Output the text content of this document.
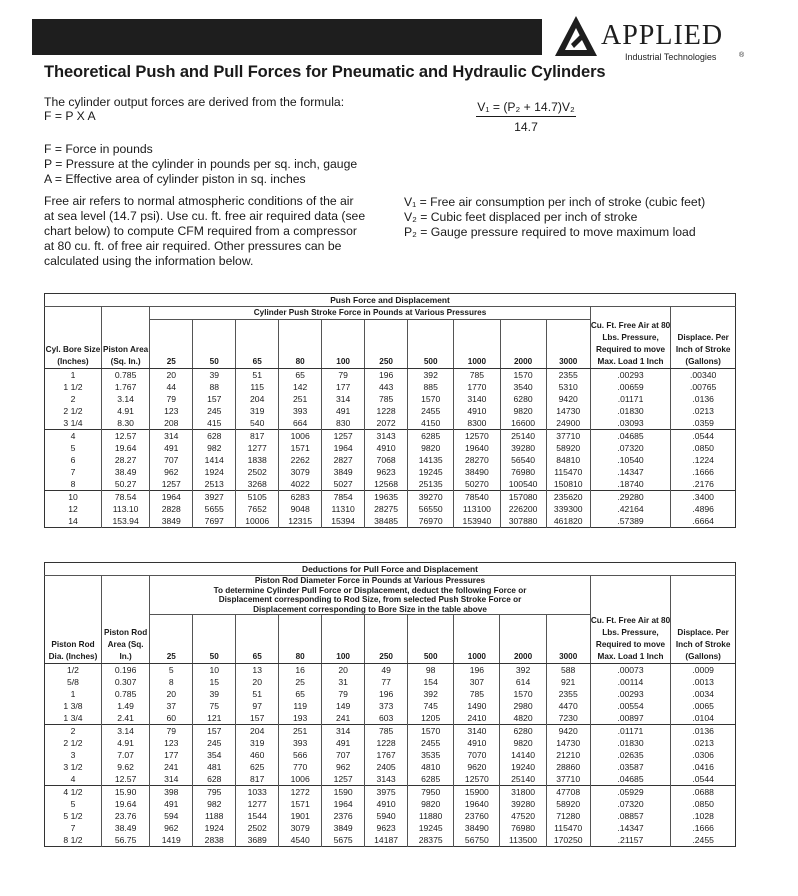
APPLIED
Industrial Technologies	®
Theoretical Push and Pull Forces for Pneumatic and Hydraulic Cylinders
The cylinder output forces are derived from the formula:
F = P X A
V₁ = (P₂ + 14.7)V₂
14.7
F = Force in pounds
P = Pressure at the cylinder in pounds per sq. inch, gauge
A = Effective area of cylinder piston in sq. inches
Free air refers to normal atmospheric conditions of the air
at sea level (14.7 psi). Use cu. ft. free air required data (see
chart below) to compute CFM required from a compressor
at 80 cu. ft. of free air required. Other pressures can be
calculated using the information below.
V₁ = Free air consumption per inch of stroke (cubic feet)
V₂ = Cubic feet displaced per inch of stroke
P₂ = Gauge pressure required to move maximum load
Push Force and Displacement													
		Cylinder Push Stroke Force in Pounds at Various Pressures											
Cyl. Bore Size (Inches)	Piston Area (Sq. In.)	25	50	65	80	100	250	500	1000	2000	3000	Cu. Ft. Free Air at 80 Lbs. Pressure, Required to move Max. Load 1 Inch	Displace. Per Inch of Stroke (Gallons)
1	0.785	20	39	51	65	79	196	392	785	1570	2355	.00293	.00340
1 1/2	1.767	44	88	115	142	177	443	885	1770	3540	5310	.00659	.00765
2	3.14	79	157	204	251	314	785	1570	3140	6280	9420	.01171	.0136
2 1/2	4.91	123	245	319	393	491	1228	2455	4910	9820	14730	.01830	.0213
3 1/4	8.30	208	415	540	664	830	2072	4150	8300	16600	24900	.03093	.0359
4	12.57	314	628	817	1006	1257	3143	6285	12570	25140	37710	.04685	.0544
5	19.64	491	982	1277	1571	1964	4910	9820	19640	39280	58920	.07320	.0850
6	28.27	707	1414	1838	2262	2827	7068	14135	28270	56540	84810	.10540	.1224
7	38.49	962	1924	2502	3079	3849	9623	19245	38490	76980	115470	.14347	.1666
8	50.27	1257	2513	3268	4022	5027	12568	25135	50270	100540	150810	.18740	.2176
10	78.54	1964	3927	5105	6283	7854	19635	39270	78540	157080	235620	.29280	.3400
12	113.10	2828	5655	7652	9048	11310	28275	56550	113100	226200	339300	.42164	.4896
14	153.94	3849	7697	10006	12315	15394	38485	76970	153940	307880	461820	.57389	.6664
Deductions for Pull Force and Displacement													

		Piston Rod Diameter Force in Pounds at Various Pressures
To determine Cylinder Pull Force or Displacement, deduct the following Force or
Displacement corresponding to Rod Size, from selected Push Stroke Force or
Displacement corresponding to Bore Size in the table above											

Piston Rod Dia. (Inches)	Piston Rod Area (Sq. In.)	25	50	65	80	100	250	500	1000	2000	3000	Cu. Ft. Free Air at 80 Lbs. Pressure, Required to move Max. Load 1 Inch	Displace. Per Inch of Stroke (Gallons)
1/2	0.196	5	10	13	16	20	49	98	196	392	588	.00073	.0009
5/8	0.307	8	15	20	25	31	77	154	307	614	921	.00114	.0013
1	0.785	20	39	51	65	79	196	392	785	1570	2355	.00293	.0034
1 3/8	1.49	37	75	97	119	149	373	745	1490	2980	4470	.00554	.0065
1 3/4	2.41	60	121	157	193	241	603	1205	2410	4820	7230	.00897	.0104
2	3.14	79	157	204	251	314	785	1570	3140	6280	9420	.01171	.0136
2 1/2	4.91	123	245	319	393	491	1228	2455	4910	9820	14730	.01830	.0213
3	7.07	177	354	460	566	707	1767	3535	7070	14140	21210	.02635	.0306
3 1/2	9.62	241	481	625	770	962	2405	4810	9620	19240	28860	.03587	.0416
4	12.57	314	628	817	1006	1257	3143	6285	12570	25140	37710	.04685	.0544
4 1/2	15.90	398	795	1033	1272	1590	3975	7950	15900	31800	47708	.05929	.0688
5	19.64	491	982	1277	1571	1964	4910	9820	19640	39280	58920	.07320	.0850
5 1/2	23.76	594	1188	1544	1901	2376	5940	11880	23760	47520	71280	.08857	.1028
7	38.49	962	1924	2502	3079	3849	9623	19245	38490	76980	115470	.14347	.1666
8 1/2	56.75	1419	2838	3689	4540	5675	14187	28375	56750	113500	170250	.21157	.2455
